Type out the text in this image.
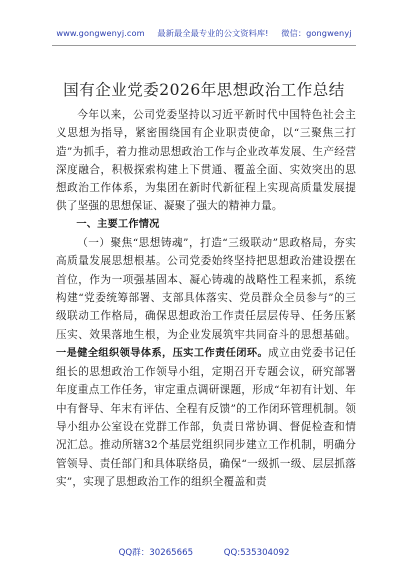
www.gongwenyj.com 最新最全最专业的公文资料库! 微信：gongwenyj
国有企业党委2026年思想政治工作总结

今年以来，公司党委坚持以习近平新时代中国特色社会主义思想为指导，紧密围绕国有企业职责使命，以“三聚焦三打造”为抓手，着力推动思想政治工作与企业改革发展、生产经营深度融合，积极探索构建上下贯通、覆盖全面、实效突出的思想政治工作体系，为集团在新时代新征程上实现高质量发展提供了坚强的思想保证、凝聚了强大的精神力量。

一、主要工作情况

（一）聚焦“思想铸魂”，打造“三级联动”思政格局，夯实高质量发展思想根基。公司党委始终坚持把思想政治建设摆在首位，作为一项强基固本、凝心铸魂的战略性工程来抓，系统构建“党委统筹部署、支部具体落实、党员群众全员参与”的三级联动工作格局，确保思想政治工作责任层层传导、任务压紧压实、效果落地生根，为企业发展筑牢共同奋斗的思想基础。一是健全组织领导体系，压实工作责任闭环。成立由党委书记任组长的思想政治工作领导小组，定期召开专题会议，研究部署年度重点工作任务，审定重点调研课题，形成“年初有计划、年中有督导、年末有评估、全程有反馈”的工作闭环管理机制。领导小组办公室设在党群工作部，负责日常协调、督促检查和情况汇总。推动所辖32个基层党组织同步建立工作机制，明确分管领导、责任部门和具体联络员，确保“一级抓一级、层层抓落实”，实现了思想政治工作的组织全覆盖和责

QQ群：30265665	QQ:535304092
